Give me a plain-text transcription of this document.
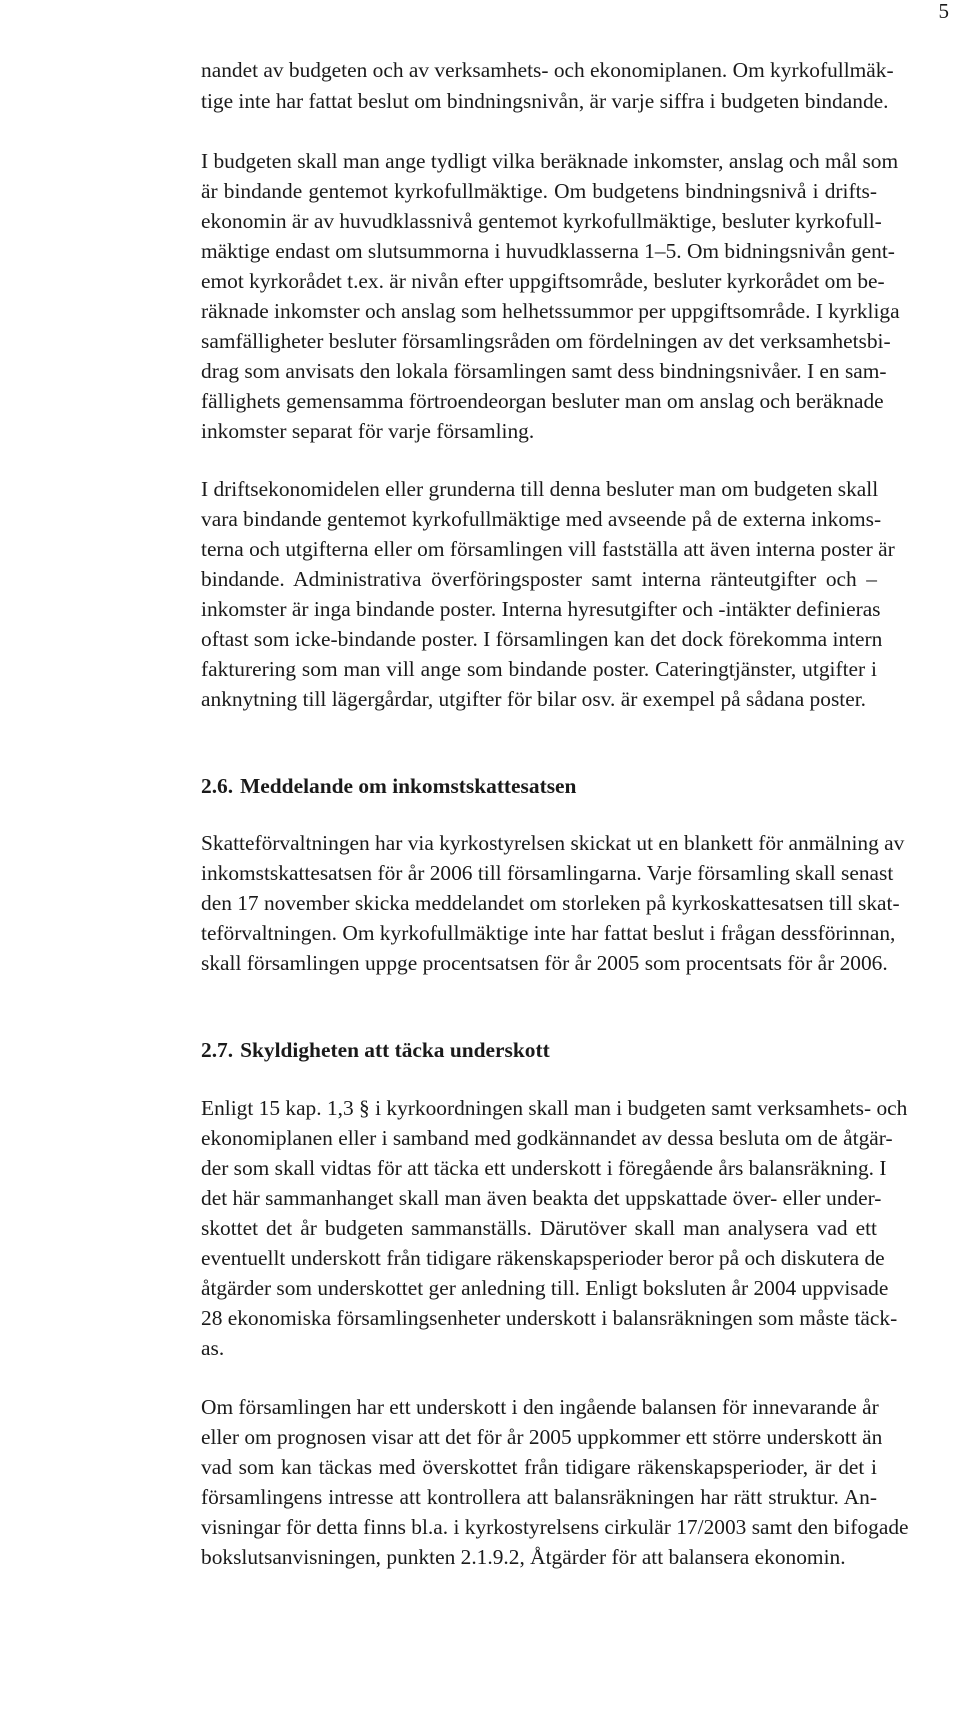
5
nandet av budgeten och av verksamhets- och ekonomiplanen. Om kyrkofullmäk-
tige inte har fattat beslut om bindningsnivån, är varje siffra i budgeten bindande.
I budgeten skall man ange tydligt vilka beräknade inkomster, anslag och mål som
är bindande gentemot kyrkofullmäktige. Om budgetens bindningsnivå i drifts-
ekonomin är av huvudklassnivå gentemot kyrkofullmäktige, besluter kyrkofull-
mäktige endast om slutsummorna i huvudklasserna 1–5. Om bidningsnivån gent-
emot kyrkorådet t.ex. är nivån efter uppgiftsområde, besluter kyrkorådet om be-
räknade inkomster och anslag som helhetssummor per uppgiftsområde. I kyrkliga
samfälligheter besluter församlingsråden om fördelningen av det verksamhetsbi-
drag som anvisats den lokala församlingen samt dess bindningsnivåer. I en sam-
fällighets gemensamma förtroendeorgan besluter man om anslag och beräknade
inkomster separat för varje församling.
I driftsekonomidelen eller grunderna till denna besluter man om budgeten skall
vara bindande gentemot kyrkofullmäktige med avseende på de externa inkoms-
terna och utgifterna eller om församlingen vill fastställa att även interna poster är
bindande. Administrativa överföringsposter samt interna ränteutgifter och –
inkomster är inga bindande poster. Interna hyresutgifter och -intäkter definieras
oftast som icke-bindande poster. I församlingen kan det dock förekomma intern
fakturering som man vill ange som bindande poster. Cateringtjänster, utgifter i
anknytning till lägergårdar, utgifter för bilar osv. är exempel på sådana poster.
2.6. Meddelande om inkomstskattesatsen
Skatteförvaltningen har via kyrkostyrelsen skickat ut en blankett för anmälning av
inkomstskattesatsen för år 2006 till församlingarna. Varje församling skall senast
den 17 november skicka meddelandet om storleken på kyrkoskattesatsen till skat-
teförvaltningen. Om kyrkofullmäktige inte har fattat beslut i frågan dessförinnan,
skall församlingen uppge procentsatsen för år 2005 som procentsats för år 2006.
2.7. Skyldigheten att täcka underskott
Enligt 15 kap. 1,3 § i kyrkoordningen skall man i budgeten samt verksamhets- och
ekonomiplanen eller i samband med godkännandet av dessa besluta om de åtgär-
der som skall vidtas för att täcka ett underskott i föregående års balansräkning. I
det här sammanhanget skall man även beakta det uppskattade över- eller under-
skottet det år budgeten sammanställs. Därutöver skall man analysera vad ett
eventuellt underskott från tidigare räkenskapsperioder beror på och diskutera de
åtgärder som underskottet ger anledning till. Enligt boksluten år 2004 uppvisade
28 ekonomiska församlingsenheter underskott i balansräkningen som måste täck-
as.
Om församlingen har ett underskott i den ingående balansen för innevarande år
eller om prognosen visar att det för år 2005 uppkommer ett större underskott än
vad som kan täckas med överskottet från tidigare räkenskapsperioder, är det i
församlingens intresse att kontrollera att balansräkningen har rätt struktur. An-
visningar för detta finns bl.a. i kyrkostyrelsens cirkulär 17/2003 samt den bifogade
bokslutsanvisningen, punkten 2.1.9.2, Åtgärder för att balansera ekonomin.
